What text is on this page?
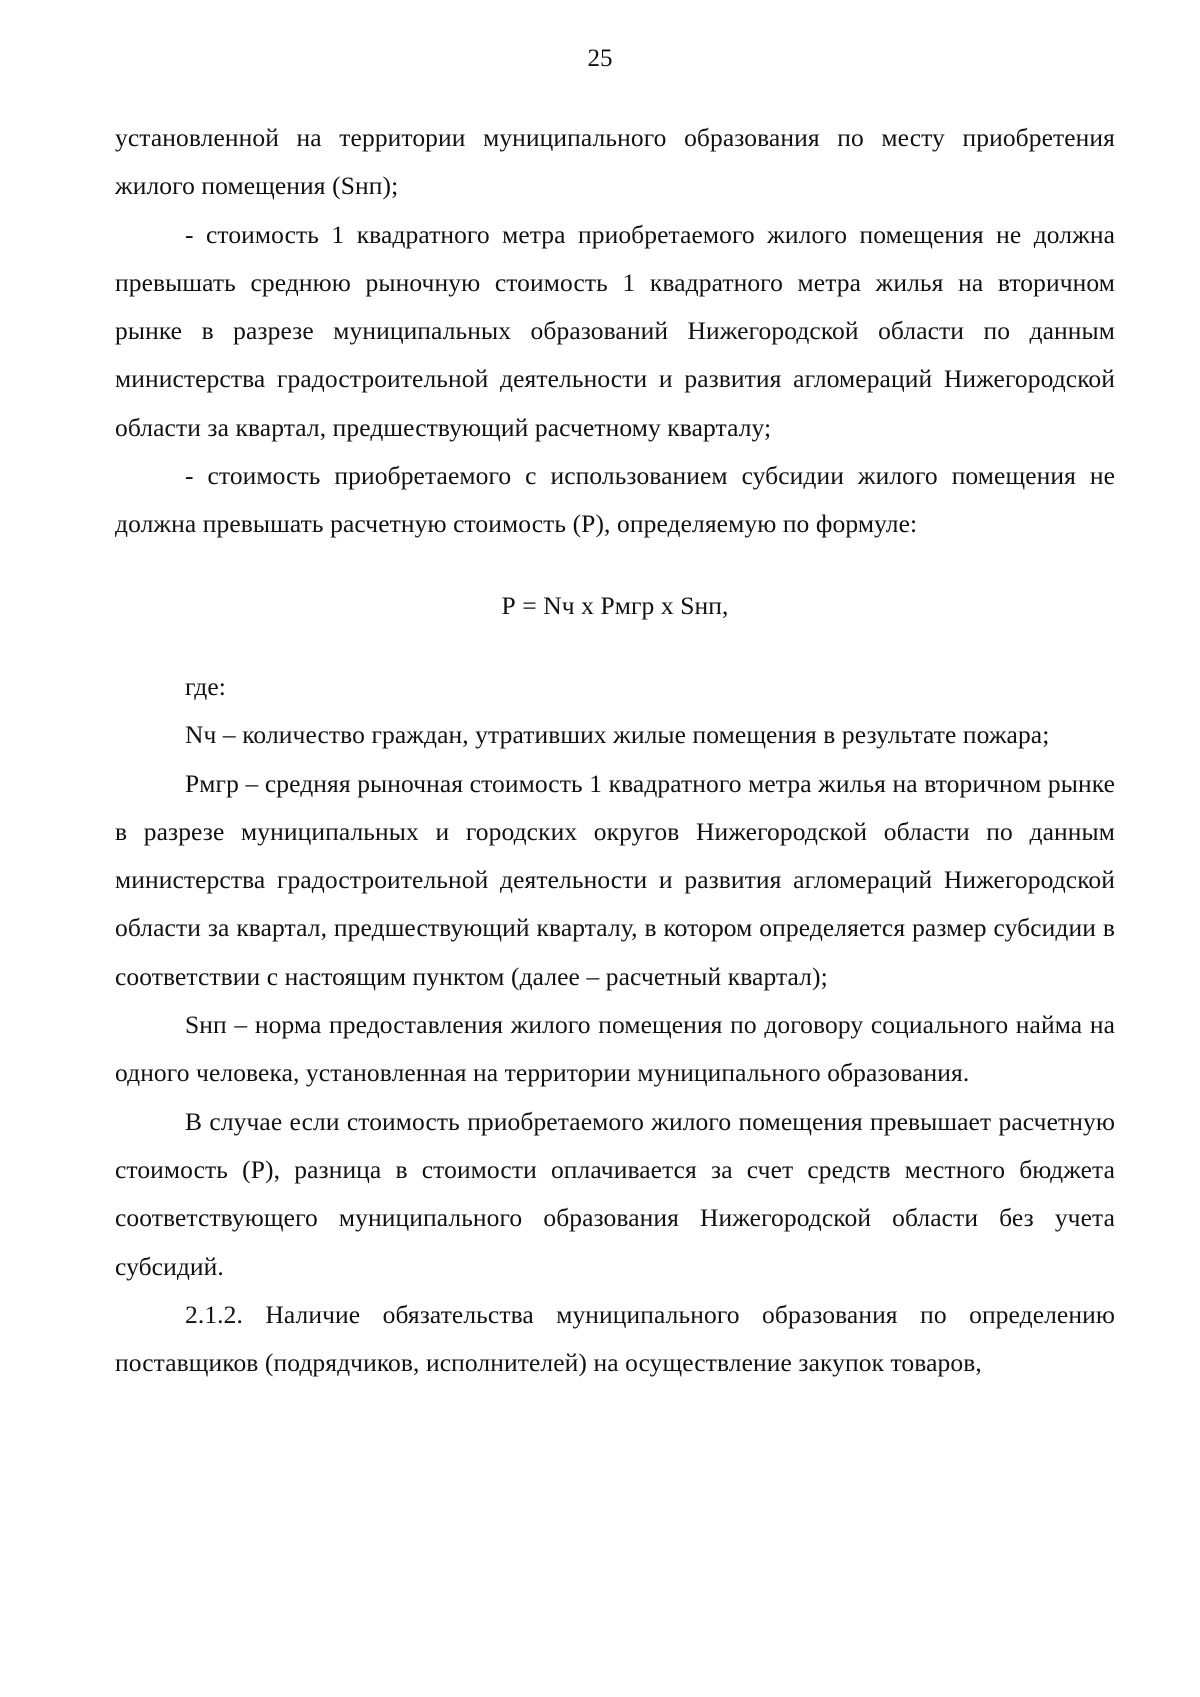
25

установленной на территории муниципального образования по месту приобретения жилого помещения (Sнп);

- стоимость 1 квадратного метра приобретаемого жилого помещения не должна превышать среднюю рыночную стоимость 1 квадратного метра жилья на вторичном рынке в разрезе муниципальных образований Нижегородской области по данным министерства градостроительной деятельности и развития агломераций Нижегородской области за квартал, предшествующий расчетному кварталу;

- стоимость приобретаемого с использованием субсидии жилого помещения не должна превышать расчетную стоимость (Р), определяемую по формуле:

Р = Nч х Рмгр х Sнп,

где:

Nч – количество граждан, утративших жилые помещения в результате пожара;

Рмгр – средняя рыночная стоимость 1 квадратного метра жилья на вторичном рынке в разрезе муниципальных и городских округов Нижегородской области по данным министерства градостроительной деятельности и развития агломераций Нижегородской области за квартал, предшествующий кварталу, в котором определяется размер субсидии в соответствии с настоящим пунктом (далее – расчетный квартал);

Sнп – норма предоставления жилого помещения по договору социального найма на одного человека, установленная на территории муниципального образования.

В случае если стоимость приобретаемого жилого помещения превышает расчетную стоимость (Р), разница в стоимости оплачивается за счет средств местного бюджета соответствующего муниципального образования Нижегородской области без учета субсидий.

2.1.2. Наличие обязательства муниципального образования по определению поставщиков (подрядчиков, исполнителей) на осуществление закупок товаров,
